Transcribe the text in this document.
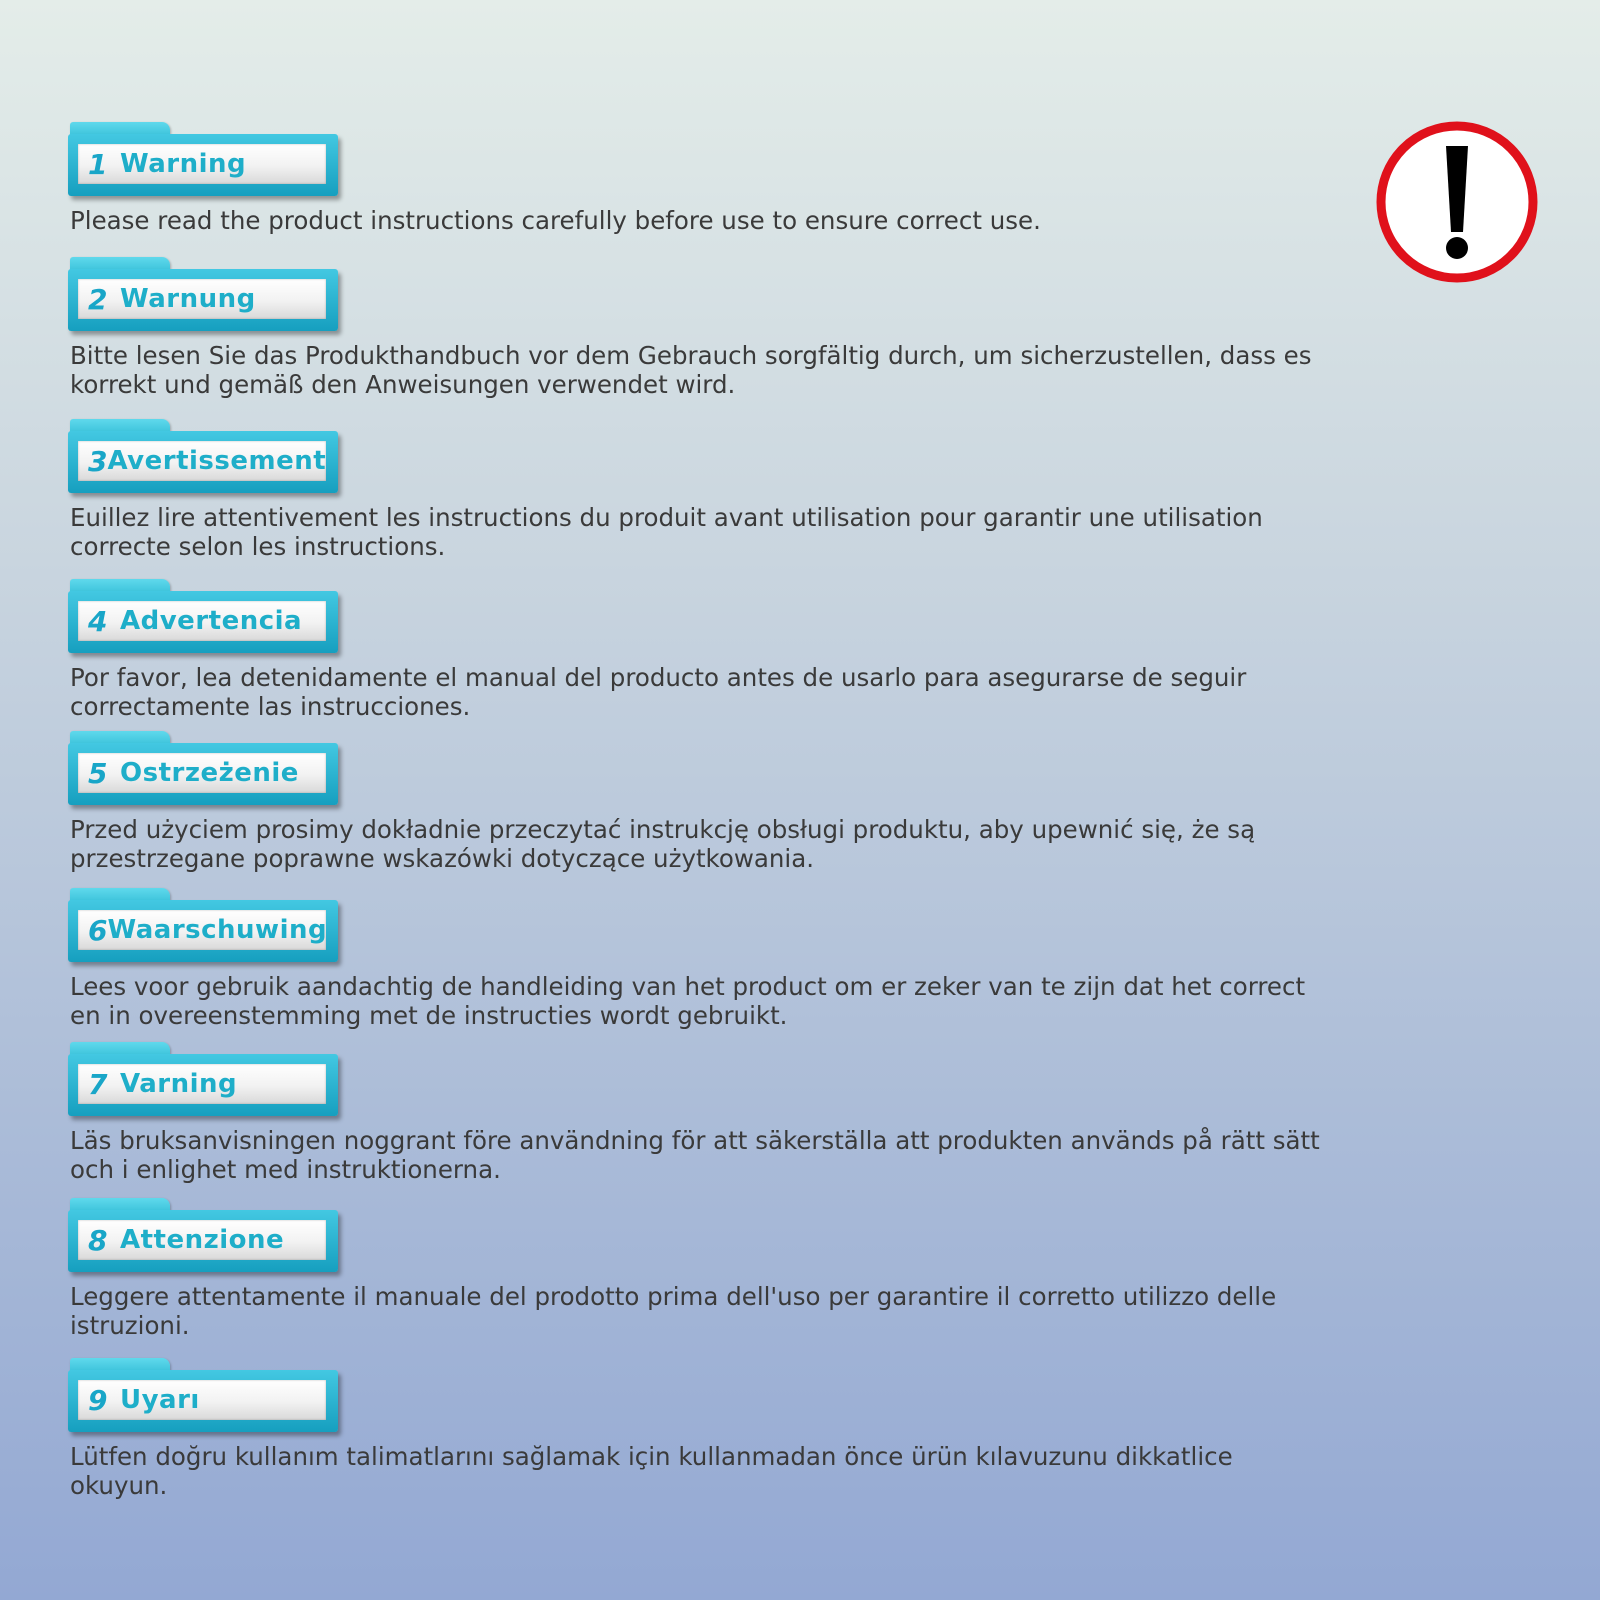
1 Warning
Please read the product instructions carefully before use to ensure correct use.
2 Warnung
Bitte lesen Sie das Produkthandbuch vor dem Gebrauch sorgfältig durch, um sicherzustellen, dass es korrekt und gemäß den Anweisungen verwendet wird.
3 Avertissement
Euillez lire attentivement les instructions du produit avant utilisation pour garantir une utilisation correcte selon les instructions.
4 Advertencia
Por favor, lea detenidamente el manual del producto antes de usarlo para asegurarse de seguir correctamente las instrucciones.
5 Ostrzeżenie
Przed użyciem prosimy dokładnie przeczytać instrukcję obsługi produktu, aby upewnić się, że są przestrzegane poprawne wskazówki dotyczące użytkowania.
6 Waarschuwing
Lees voor gebruik aandachtig de handleiding van het product om er zeker van te zijn dat het correct en in overeenstemming met de instructies wordt gebruikt.
7 Varning
Läs bruksanvisningen noggrant före användning för att säkerställa att produkten används på rätt sätt och i enlighet med instruktionerna.
8 Attenzione
Leggere attentamente il manuale del prodotto prima dell'uso per garantire il corretto utilizzo delle istruzioni.
9 Uyarı
Lütfen doğru kullanım talimatlarını sağlamak için kullanmadan önce ürün kılavuzunu dikkatlice okuyun.
